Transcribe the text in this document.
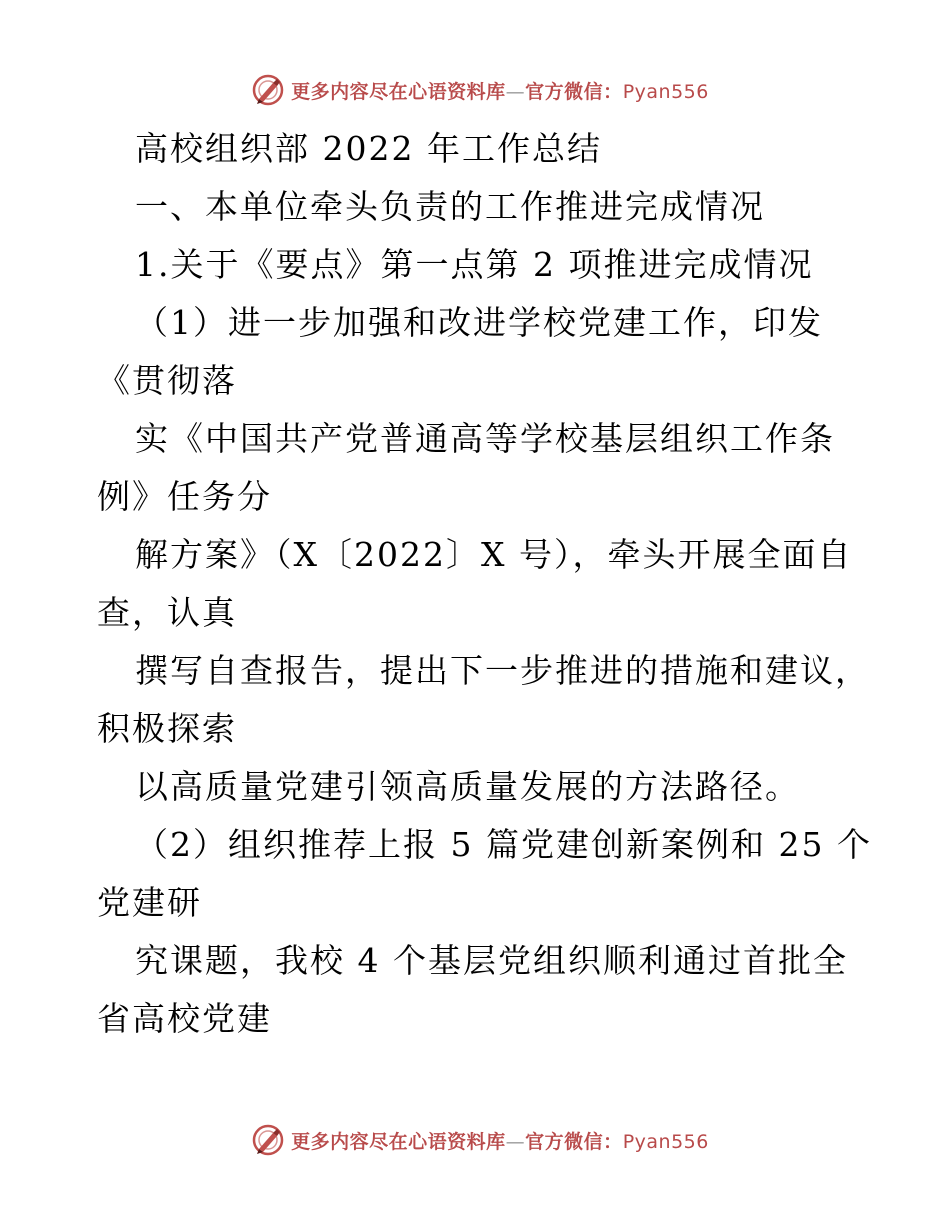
更多内容尽在心语资料库—官方微信：Pyan556
高校组织部 2022 年工作总结
一、本单位牵头负责的工作推进完成情况
1.关于《要点》第一点第 2 项推进完成情况
（1）进一步加强和改进学校党建工作，印发
《贯彻落
实《中国共产党普通高等学校基层组织工作条
例》任务分
解方案》（X〔2022〕X 号），牵头开展全面自
查，认真
撰写自查报告，提出下一步推进的措施和建议，
积极探索
以高质量党建引领高质量发展的方法路径。
（2）组织推荐上报 5 篇党建创新案例和 25 个
党建研
究课题，我校 4 个基层党组织顺利通过首批全
省高校党建
更多内容尽在心语资料库—官方微信：Pyan556
